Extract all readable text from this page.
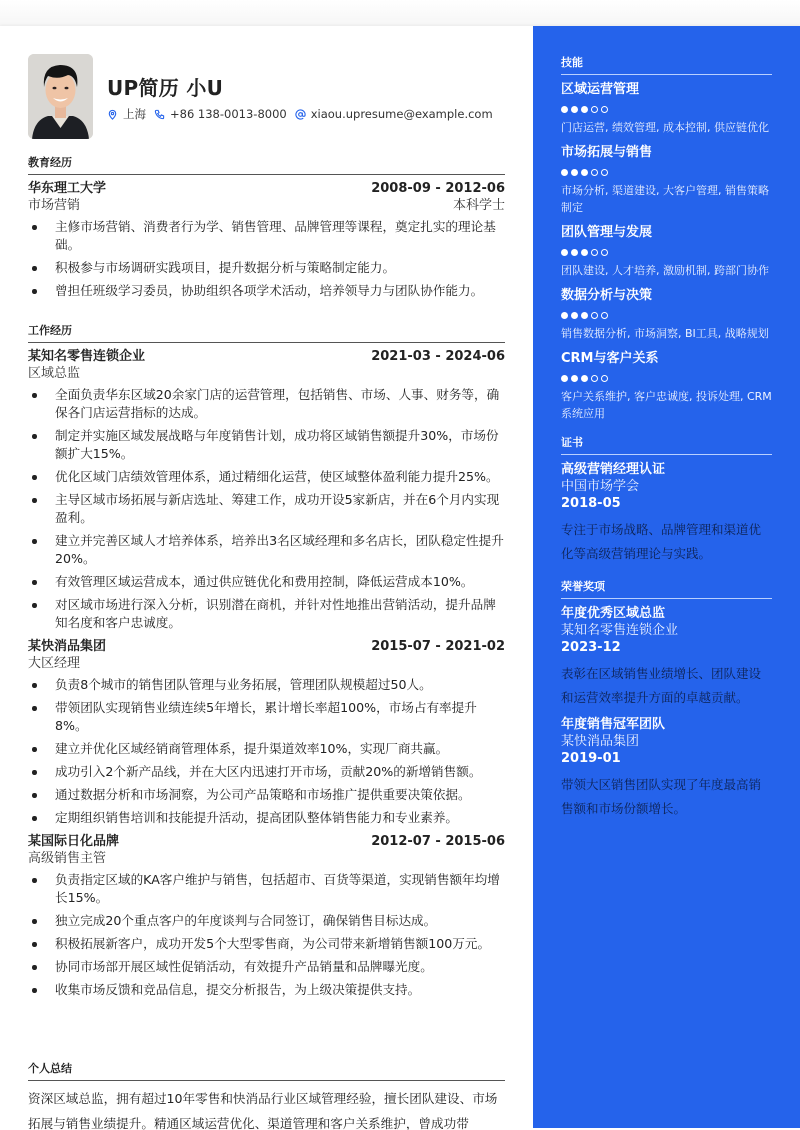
UP简历 小U
上海 +86 138-0013-8000 xiaou.upresume@example.com
教育经历
华东理工大学	2008-09 - 2012-06
市场营销	本科学士
主修市场营销、消费者行为学、销售管理、品牌管理等课程，奠定扎实的理论基础。
积极参与市场调研实践项目，提升数据分析与策略制定能力。
曾担任班级学习委员，协助组织各项学术活动，培养领导力与团队协作能力。
工作经历
某知名零售连锁企业	2021-03 - 2024-06
区域总监
全面负责华东区域20余家门店的运营管理，包括销售、市场、人事、财务等，确保各门店运营指标的达成。
制定并实施区域发展战略与年度销售计划，成功将区域销售额提升30%，市场份额扩大15%。
优化区域门店绩效管理体系，通过精细化运营，使区域整体盈利能力提升25%。
主导区域市场拓展与新店选址、筹建工作，成功开设5家新店，并在6个月内实现盈利。
建立并完善区域人才培养体系，培养出3名区域经理和多名店长，团队稳定性提升20%。
有效管理区域运营成本，通过供应链优化和费用控制，降低运营成本10%。
对区域市场进行深入分析，识别潜在商机，并针对性地推出营销活动，提升品牌知名度和客户忠诚度。
某快消品集团	2015-07 - 2021-02
大区经理
负责8个城市的销售团队管理与业务拓展，管理团队规模超过50人。
带领团队实现销售业绩连续5年增长，累计增长率超100%，市场占有率提升8%。
建立并优化区域经销商管理体系，提升渠道效率10%，实现厂商共赢。
成功引入2个新产品线，并在大区内迅速打开市场，贡献20%的新增销售额。
通过数据分析和市场洞察，为公司产品策略和市场推广提供重要决策依据。
定期组织销售培训和技能提升活动，提高团队整体销售能力和专业素养。
某国际日化品牌	2012-07 - 2015-06
高级销售主管
负责指定区域的KA客户维护与销售，包括超市、百货等渠道，实现销售额年均增长15%。
独立完成20个重点客户的年度谈判与合同签订，确保销售目标达成。
积极拓展新客户，成功开发5个大型零售商，为公司带来新增销售额100万元。
协同市场部开展区域性促销活动，有效提升产品销量和品牌曝光度。
收集市场反馈和竞品信息，提交分析报告，为上级决策提供支持。
个人总结
资深区域总监，拥有超过10年零售和快消品行业区域管理经验，擅长团队建设、市场拓展与销售业绩提升。精通区域运营优化、渠道管理和客户关系维护，曾成功带
技能
区域运营管理
门店运营, 绩效管理, 成本控制, 供应链优化
市场拓展与销售
市场分析, 渠道建设, 大客户管理, 销售策略制定
团队管理与发展
团队建设, 人才培养, 激励机制, 跨部门协作
数据分析与决策
销售数据分析, 市场洞察, BI工具, 战略规划
CRM与客户关系
客户关系维护, 客户忠诚度, 投诉处理, CRM系统应用
证书
高级营销经理认证
中国市场学会
2018-05
专注于市场战略、品牌管理和渠道优化等高级营销理论与实践。
荣誉奖项
年度优秀区域总监
某知名零售连锁企业
2023-12
表彰在区域销售业绩增长、团队建设和运营效率提升方面的卓越贡献。
年度销售冠军团队
某快消品集团
2019-01
带领大区销售团队实现了年度最高销售额和市场份额增长。
